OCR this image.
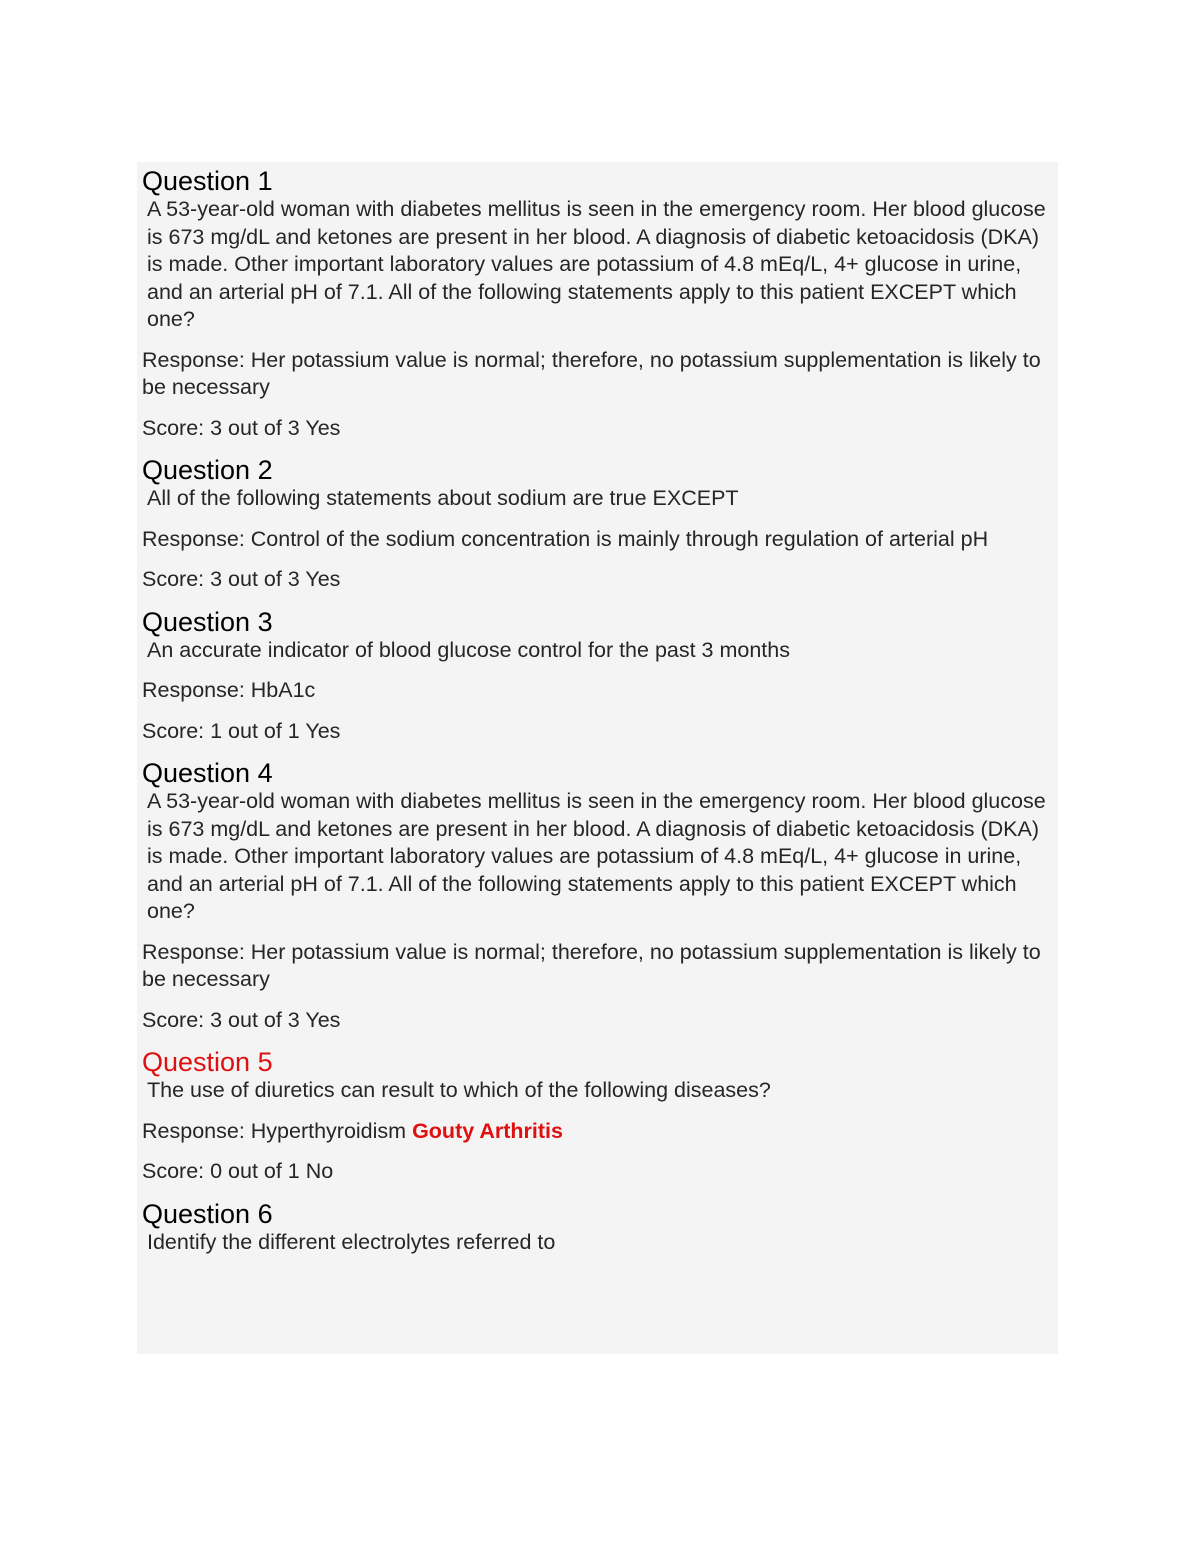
Question 1
A 53-year-old woman with diabetes mellitus is seen in the emergency room. Her blood glucose is 673 mg/dL and ketones are present in her blood. A diagnosis of diabetic ketoacidosis (DKA) is made. Other important laboratory values are potassium of 4.8 mEq/L, 4+ glucose in urine, and an arterial pH of 7.1. All of the following statements apply to this patient EXCEPT which one?
Response: Her potassium value is normal; therefore, no potassium supplementation is likely to be necessary
Score: 3 out of 3 Yes
Question 2
All of the following statements about sodium are true EXCEPT
Response: Control of the sodium concentration is mainly through regulation of arterial pH
Score: 3 out of 3 Yes
Question 3
An accurate indicator of blood glucose control for the past 3 months
Response: HbA1c
Score: 1 out of 1 Yes
Question 4
A 53-year-old woman with diabetes mellitus is seen in the emergency room. Her blood glucose is 673 mg/dL and ketones are present in her blood. A diagnosis of diabetic ketoacidosis (DKA) is made. Other important laboratory values are potassium of 4.8 mEq/L, 4+ glucose in urine, and an arterial pH of 7.1. All of the following statements apply to this patient EXCEPT which one?
Response: Her potassium value is normal; therefore, no potassium supplementation is likely to be necessary
Score: 3 out of 3 Yes
Question 5
The use of diuretics can result to which of the following diseases?
Response: Hyperthyroidism Gouty Arthritis
Score: 0 out of 1 No
Question 6
Identify the different electrolytes referred to
